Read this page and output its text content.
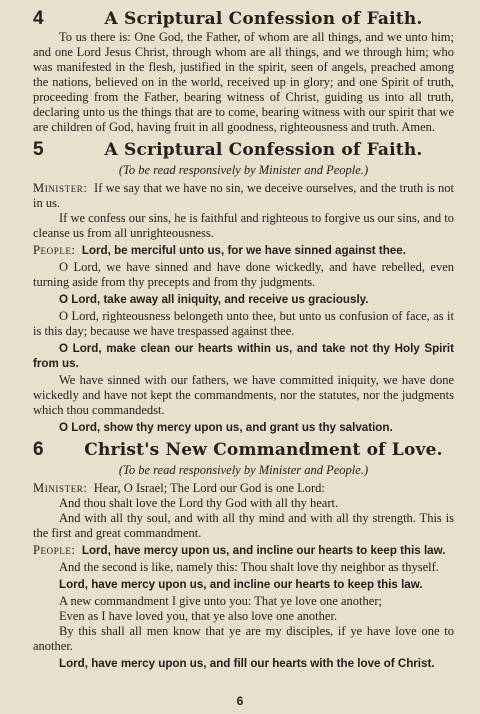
4	A Scriptural Confession of Faith.

To us there is: One God, the Father, of whom are all things, and we unto him; and one Lord Jesus Christ, through whom are all things, and we through him; who was manifested in the flesh, justified in the spirit, seen of angels, preached among the nations, believed on in the world, received up in glory; and one Spirit of truth, proceeding from the Father, bearing witness of Christ, guiding us into all truth, declaring unto us the things that are to come, bearing witness with our spirit that we are children of God, having fruit in all goodness, righteousness and truth. Amen.

5	A Scriptural Confession of Faith.
(To be read responsively by Minister and People.)

Minister: If we say that we have no sin, we deceive ourselves, and the truth is not in us.

If we confess our sins, he is faithful and righteous to forgive us our sins, and to cleanse us from all unrighteousness.

People: Lord, be merciful unto us, for we have sinned against thee.

O Lord, we have sinned and have done wickedly, and have rebelled, even turning aside from thy precepts and from thy judgments.

O Lord, take away all iniquity, and receive us graciously.

O Lord, righteousness belongeth unto thee, but unto us confusion of face, as it is this day; because we have trespassed against thee.

O Lord, make clean our hearts within us, and take not thy Holy Spirit from us.

We have sinned with our fathers, we have committed iniquity, we have done wickedly and have not kept the commandments, nor the statutes, nor the judgments which thou commandedst.

O Lord, show thy mercy upon us, and grant us thy salvation.

6	Christ's New Commandment of Love.
(To be read responsively by Minister and People.)

Minister: Hear, O Israel; The Lord our God is one Lord:

And thou shalt love the Lord thy God with all thy heart.

And with all thy soul, and with all thy mind and with all thy strength. This is the first and great commandment.

People: Lord, have mercy upon us, and incline our hearts to keep this law.

And the second is like, namely this: Thou shalt love thy neighbor as thyself.

Lord, have mercy upon us, and incline our hearts to keep this law.

A new commandment I give unto you: That ye love one another;

Even as I have loved you, that ye also love one another.

By this shall all men know that ye are my disciples, if ye have love one to another.

Lord, have mercy upon us, and fill our hearts with the love of Christ.

6
